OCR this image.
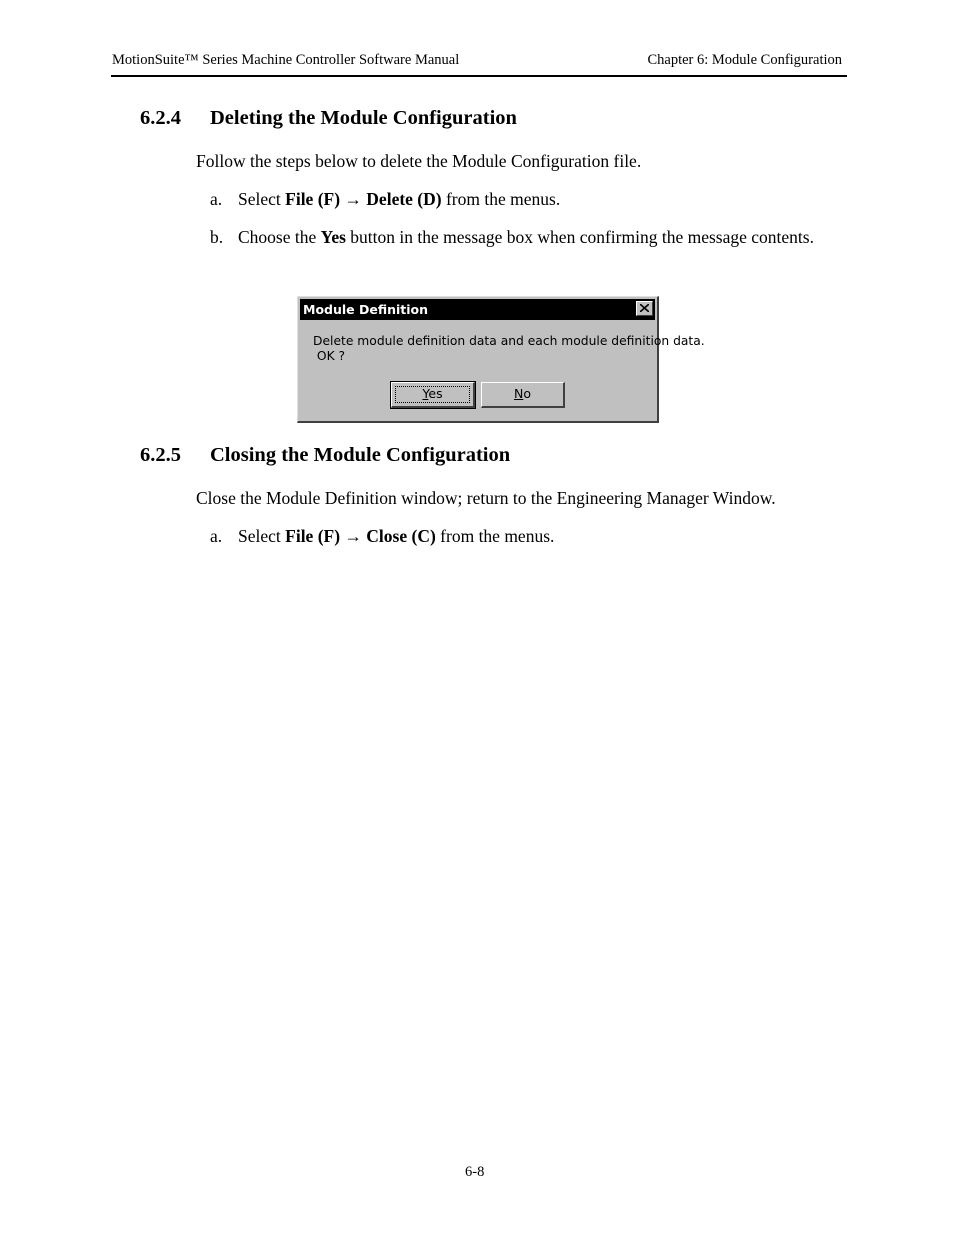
MotionSuite™ Series Machine Controller Software Manual	Chapter 6: Module Configuration
6.2.4 Deleting the Module Configuration
Follow the steps below to delete the Module Configuration file.
a. Select File (F) → Delete (D) from the menus.
b. Choose the Yes button in the message box when confirming the message contents.
Module Definition
Delete module definition data and each module definition data.
OK ?
Yes	No
6.2.5 Closing the Module Configuration
Close the Module Definition window; return to the Engineering Manager Window.
a. Select File (F) → Close (C) from the menus.
6-8
